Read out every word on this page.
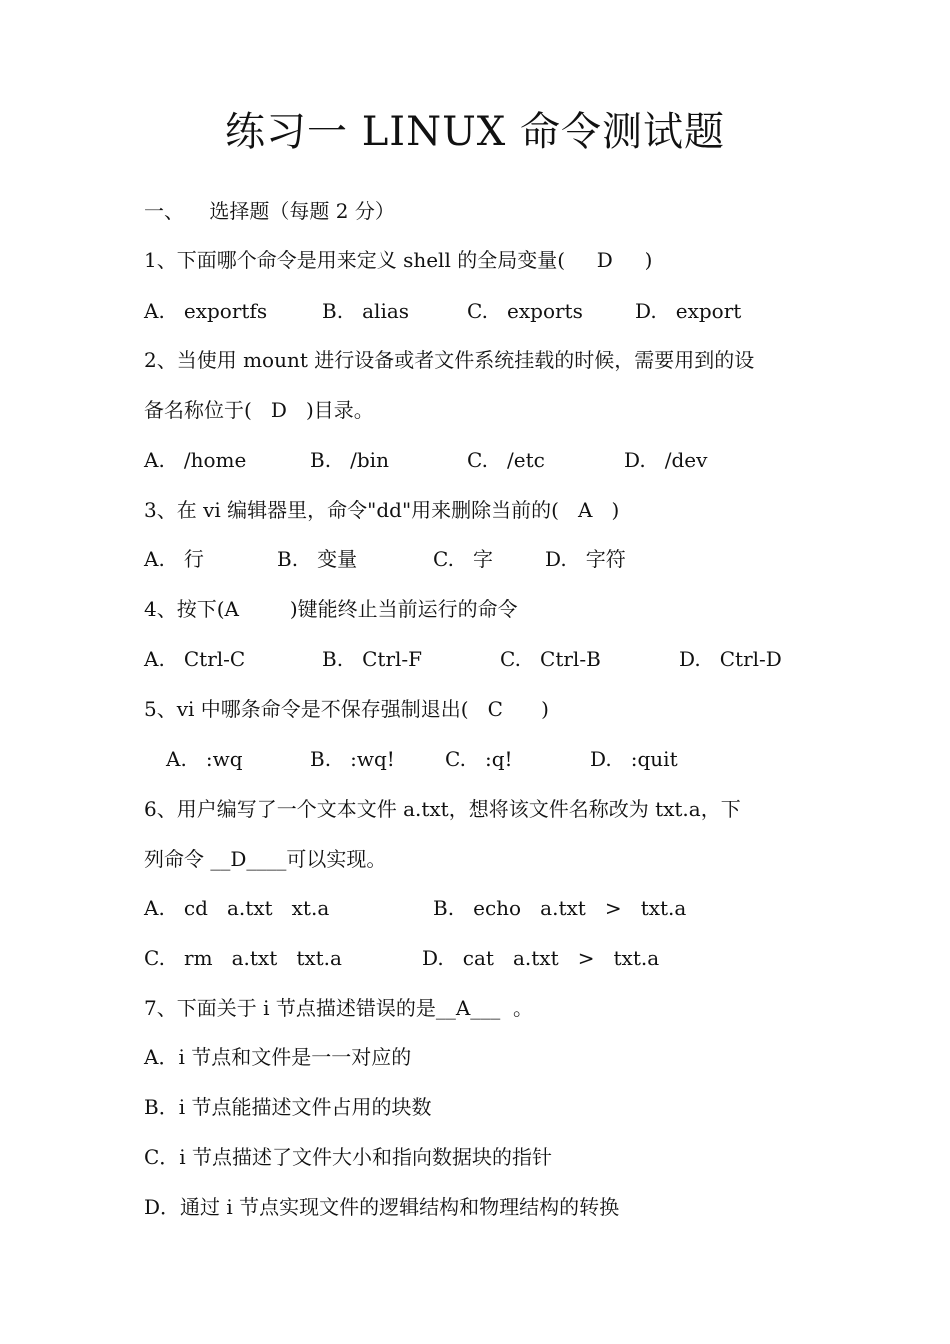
练习一 LINUX 命令测试题
一、    选择题（每题 2 分）
1、下面哪个命令是用来定义 shell 的全局变量(     D     )
A.   exportfs	B.   alias	C.   exports	D.   export
2、当使用 mount 进行设备或者文件系统挂载的时候，需要用到的设
备名称位于(   D   )目录。
A.   /home	B.   /bin	C.   /etc	D.   /dev
3、在 vi 编辑器里，命令"dd"用来删除当前的(   A   )
A.   行	B.   变量	C.   字	D.   字符
4、按下(A        )键能终止当前运行的命令
A.   Ctrl-C	B.   Ctrl-F	C.   Ctrl-B	D.   Ctrl-D
5、vi 中哪条命令是不保存强制退出(   C      )
A.   :wq	B.   :wq!	C.   :q!	D.   :quit
6、用户编写了一个文本文件 a.txt，想将该文件名称改为 txt.a，下
列命令 __D____可以实现。
A.   cd   a.txt   xt.a	B.   echo   a.txt   >   txt.a
C.   rm   a.txt   txt.a	D.   cat   a.txt   >   txt.a
7、下面关于 i 节点描述错误的是__A___  。
A．i 节点和文件是一一对应的
B．i 节点能描述文件占用的块数
C．i 节点描述了文件大小和指向数据块的指针
D．通过 i 节点实现文件的逻辑结构和物理结构的转换
